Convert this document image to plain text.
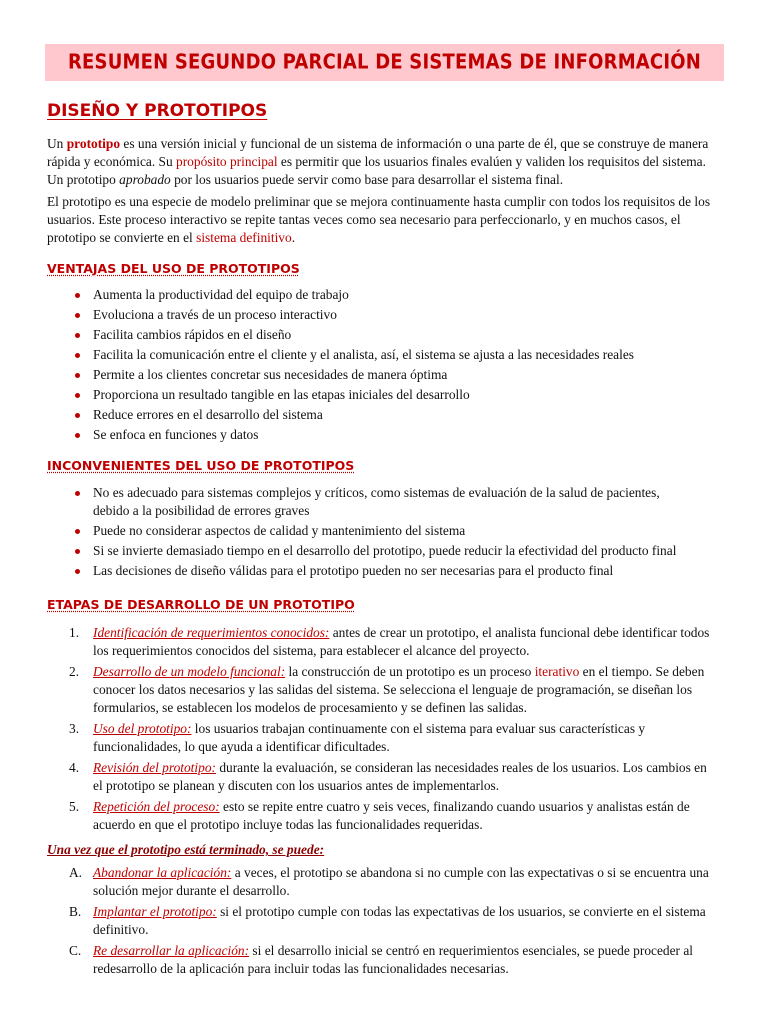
RESUMEN SEGUNDO PARCIAL DE SISTEMAS DE INFORMACIÓN
DISEÑO Y PROTOTIPOS

Un prototipo es una versión inicial y funcional de un sistema de información o una parte de él, que se construye de manera rápida y económica. Su propósito principal es permitir que los usuarios finales evalúen y validen los requisitos del sistema. Un prototipo aprobado por los usuarios puede servir como base para desarrollar el sistema final.

El prototipo es una especie de modelo preliminar que se mejora continuamente hasta cumplir con todos los requisitos de los usuarios. Este proceso interactivo se repite tantas veces como sea necesario para perfeccionarlo, y en muchos casos, el prototipo se convierte en el sistema definitivo.

VENTAJAS DEL USO DE PROTOTIPOS
Aumenta la productividad del equipo de trabajo
Evoluciona a través de un proceso interactivo
Facilita cambios rápidos en el diseño
Facilita la comunicación entre el cliente y el analista, así, el sistema se ajusta a las necesidades reales
Permite a los clientes concretar sus necesidades de manera óptima
Proporciona un resultado tangible en las etapas iniciales del desarrollo
Reduce errores en el desarrollo del sistema
Se enfoca en funciones y datos
INCONVENIENTES DEL USO DE PROTOTIPOS
No es adecuado para sistemas complejos y críticos, como sistemas de evaluación de la salud de pacientes, debido a la posibilidad de errores graves
Puede no considerar aspectos de calidad y mantenimiento del sistema
Si se invierte demasiado tiempo en el desarrollo del prototipo, puede reducir la efectividad del producto final
Las decisiones de diseño válidas para el prototipo pueden no ser necesarias para el producto final
ETAPAS DE DESARROLLO DE UN PROTOTIPO
1. Identificación de requerimientos conocidos: antes de crear un prototipo, el analista funcional debe identificar todos los requerimientos conocidos del sistema, para establecer el alcance del proyecto.
2. Desarrollo de un modelo funcional: la construcción de un prototipo es un proceso iterativo en el tiempo. Se deben conocer los datos necesarios y las salidas del sistema. Se selecciona el lenguaje de programación, se diseñan los formularios, se establecen los modelos de procesamiento y se definen las salidas.
3. Uso del prototipo: los usuarios trabajan continuamente con el sistema para evaluar sus características y funcionalidades, lo que ayuda a identificar dificultades.
4. Revisión del prototipo: durante la evaluación, se consideran las necesidades reales de los usuarios. Los cambios en el prototipo se planean y discuten con los usuarios antes de implementarlos.
5. Repetición del proceso: esto se repite entre cuatro y seis veces, finalizando cuando usuarios y analistas están de acuerdo en que el prototipo incluye todas las funcionalidades requeridas.
Una vez que el prototipo está terminado, se puede:
A. Abandonar la aplicación: a veces, el prototipo se abandona si no cumple con las expectativas o si se encuentra una solución mejor durante el desarrollo.
B. Implantar el prototipo: si el prototipo cumple con todas las expectativas de los usuarios, se convierte en el sistema definitivo.
C. Re desarrollar la aplicación: si el desarrollo inicial se centró en requerimientos esenciales, se puede proceder al redesarrollo de la aplicación para incluir todas las funcionalidades necesarias.
